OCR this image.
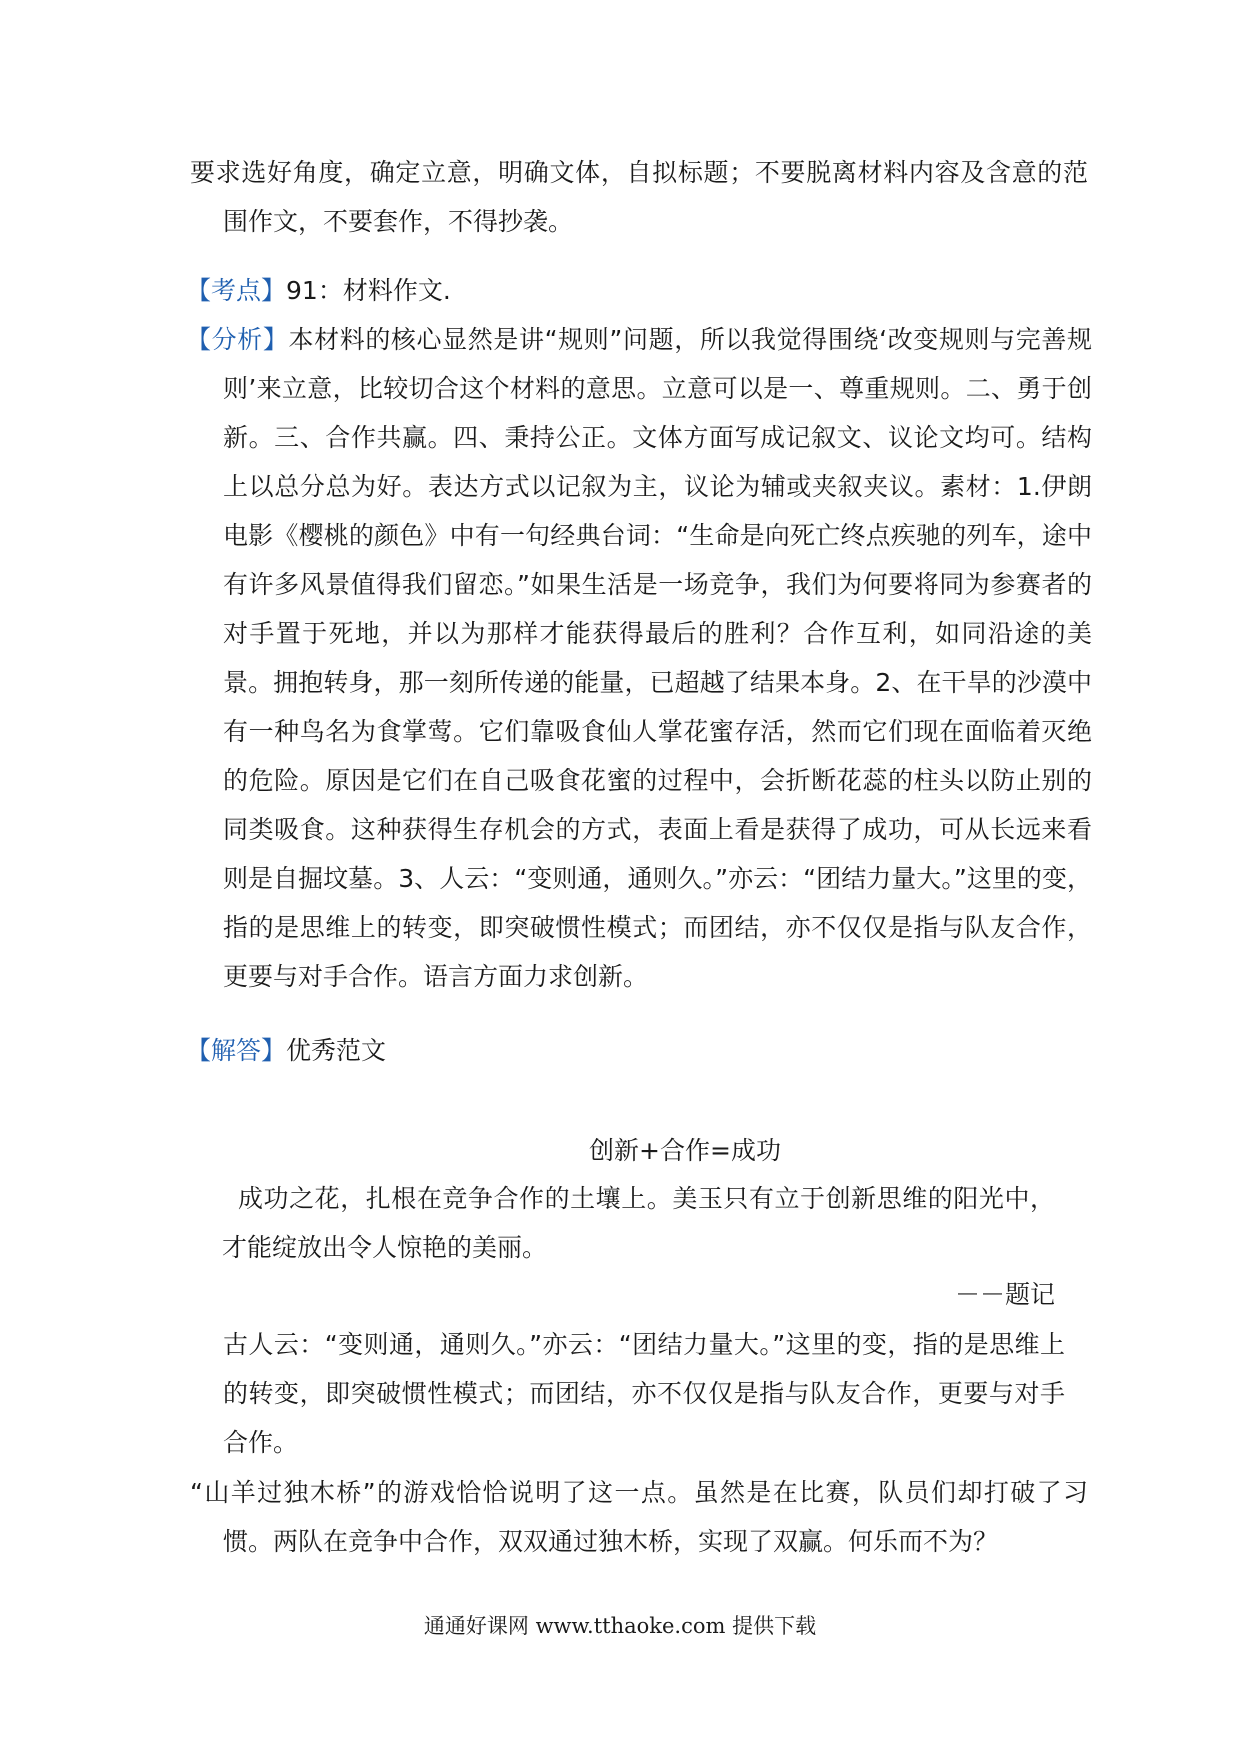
要求选好角度，确定立意，明确文体，自拟标题；不要脱离材料内容及含意的范围作文，不要套作，不得抄袭。

【考点】91：材料作文.

【分析】本材料的核心显然是讲“规则”问题，所以我觉得围绕‘改变规则与完善规则’来立意，比较切合这个材料的意思。立意可以是一、尊重规则。二、勇于创新。三、合作共赢。四、秉持公正。文体方面写成记叙文、议论文均可。结构上以总分总为好。表达方式以记叙为主，议论为辅或夹叙夹议。素材：1.伊朗电影《樱桃的颜色》中有一句经典台词：“生命是向死亡终点疾驰的列车，途中有许多风景值得我们留恋。”如果生活是一场竞争，我们为何要将同为参赛者的对手置于死地，并以为那样才能获得最后的胜利？合作互利，如同沿途的美景。拥抱转身，那一刻所传递的能量，已超越了结果本身。2、在干旱的沙漠中有一种鸟名为食掌莺。它们靠吸食仙人掌花蜜存活，然而它们现在面临着灭绝的危险。原因是它们在自己吸食花蜜的过程中，会折断花蕊的柱头以防止别的同类吸食。这种获得生存机会的方式，表面上看是获得了成功，可从长远来看则是自掘坟墓。3、人云：“变则通，通则久。”亦云：“团结力量大。”这里的变，指的是思维上的转变，即突破惯性模式；而团结，亦不仅仅是指与队友合作，更要与对手合作。语言方面力求创新。

【解答】优秀范文

创新+合作=成功

成功之花，扎根在竞争合作的土壤上。美玉只有立于创新思维的阳光中，才能绽放出令人惊艳的美丽。

－－题记

古人云：“变则通，通则久。”亦云：“团结力量大。”这里的变，指的是思维上的转变，即突破惯性模式；而团结，亦不仅仅是指与队友合作，更要与对手合作。

“山羊过独木桥”的游戏恰恰说明了这一点。虽然是在比赛，队员们却打破了习惯。两队在竞争中合作，双双通过独木桥，实现了双赢。何乐而不为？

通通好课网 www.tthaoke.com 提供下载
